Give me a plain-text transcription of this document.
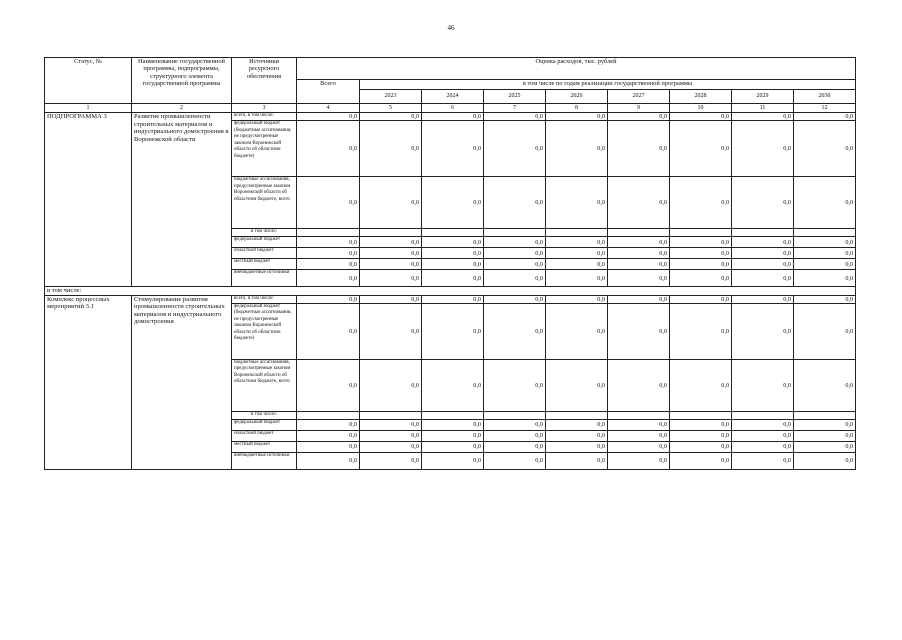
46
Статус, №	Наименование государственной программы, подпрограммы, структурного элемента государственной программы	Источники ресурсного обеспечения	Оценка расходов, тыс. рублей								
			Всего	в том числе по годам реализации государственной программы							
				2023	2024	2025	2026	2027	2028	2029	2030
1	2	3	4	5	6	7	8	9	10	11	12
ПОДПРОГРАММА 3	Развитие промышленности строительных материалов и индустриального домостроения в Воронежской области	всего, в том числе:	0,0	0,0	0,0	0,0	0,0	0,0	0,0	0,0	0,0
		федеральный бюджет (бюджетные ассигнования, не предусмотренные законом Воронежской области об областном бюджете)	0,0	0,0	0,0	0,0	0,0	0,0	0,0	0,0	0,0
		бюджетные ассигнования, предусмотренные законом Воронежской области об областном бюджете, всего	0,0	0,0	0,0	0,0	0,0	0,0	0,0	0,0	0,0
		в том числе:									
		федеральный бюджет	0,0	0,0	0,0	0,0	0,0	0,0	0,0	0,0	0,0
		областной бюджет	0,0	0,0	0,0	0,0	0,0	0,0	0,0	0,0	0,0
		местный бюджет	0,0	0,0	0,0	0,0	0,0	0,0	0,0	0,0	0,0
		внебюджетные источники	0,0	0,0	0,0	0,0	0,0	0,0	0,0	0,0	0,0
в том числе:											
Комплекс процессных мероприятий 3.1	Стимулирование развития промышленности строительных материалов и индустриального домостроения	всего, в том числе:	0,0	0,0	0,0	0,0	0,0	0,0	0,0	0,0	0,0
		федеральный бюджет (бюджетные ассигнования, не предусмотренные законом Воронежской области об областном бюджете)	0,0	0,0	0,0	0,0	0,0	0,0	0,0	0,0	0,0
		бюджетные ассигнования, предусмотренные законом Воронежской области об областном бюджете, всего	0,0	0,0	0,0	0,0	0,0	0,0	0,0	0,0	0,0
		в том числе:									
		федеральный бюджет	0,0	0,0	0,0	0,0	0,0	0,0	0,0	0,0	0,0
		областной бюджет	0,0	0,0	0,0	0,0	0,0	0,0	0,0	0,0	0,0
		местный бюджет	0,0	0,0	0,0	0,0	0,0	0,0	0,0	0,0	0,0
		внебюджетные источники	0,0	0,0	0,0	0,0	0,0	0,0	0,0	0,0	0,0
